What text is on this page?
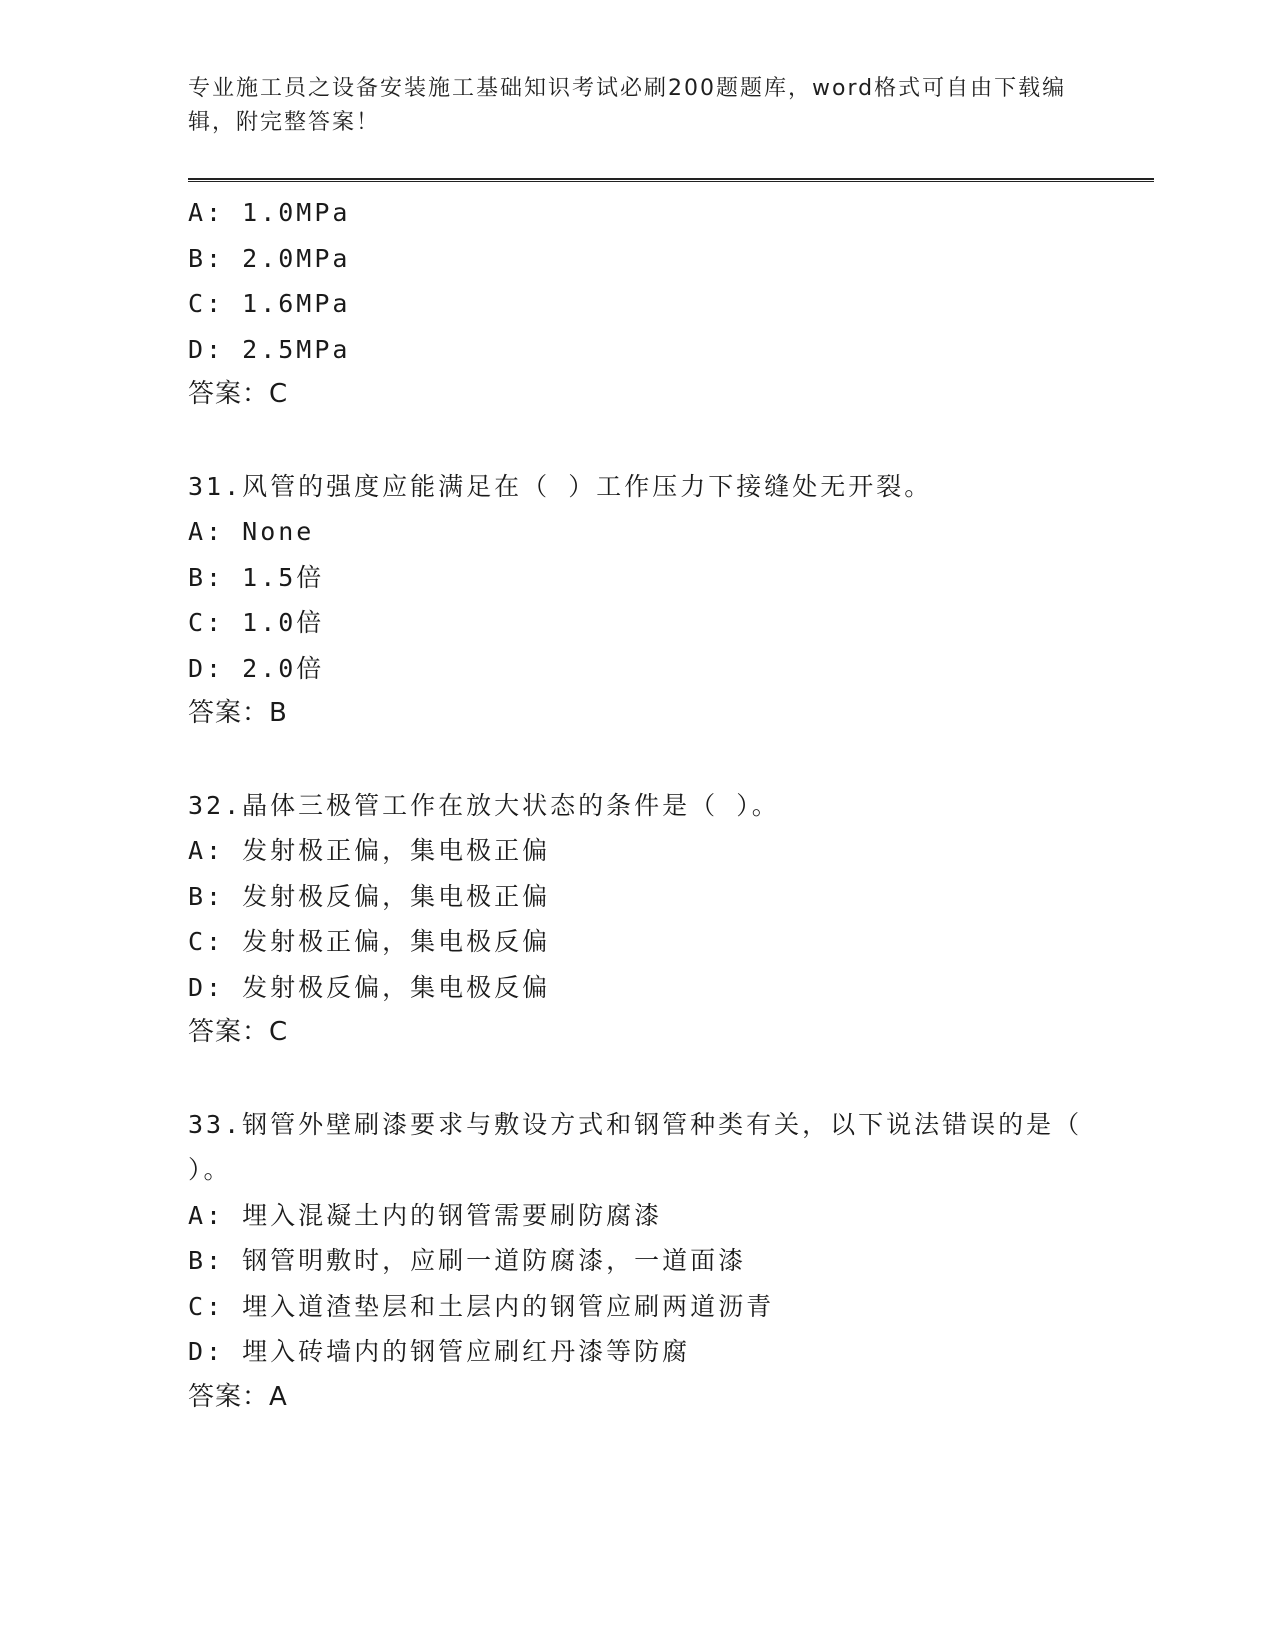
专业施工员之设备安装施工基础知识考试必刷200题题库，word格式可自由下载编辑，附完整答案！
A: 1.0MPa
B: 2.0MPa
C: 1.6MPa
D: 2.5MPa
答案：C
31.风管的强度应能满足在（ ）工作压力下接缝处无开裂。
A: None
B: 1.5倍
C: 1.0倍
D: 2.0倍
答案：B
32.晶体三极管工作在放大状态的条件是（ ）。
A: 发射极正偏，集电极正偏
B: 发射极反偏，集电极正偏
C: 发射极正偏，集电极反偏
D: 发射极反偏，集电极反偏
答案：C
33.钢管外壁刷漆要求与敷设方式和钢管种类有关，以下说法错误的是（ ）。
A: 埋入混凝土内的钢管需要刷防腐漆
B: 钢管明敷时，应刷一道防腐漆，一道面漆
C: 埋入道渣垫层和土层内的钢管应刷两道沥青
D: 埋入砖墙内的钢管应刷红丹漆等防腐
答案：A
